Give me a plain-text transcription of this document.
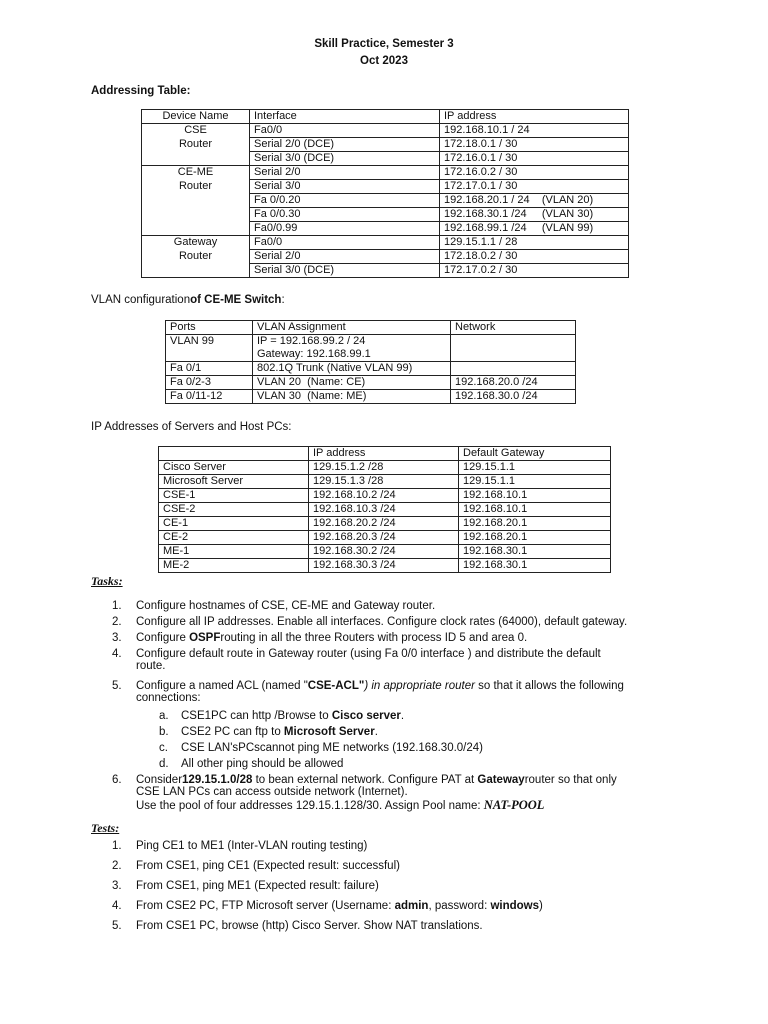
Skill Practice, Semester 3
Oct 2023
Addressing Table:
Device Name	Interface	IP address
CSE	Fa0/0	192.168.10.1 / 24
Router	Serial 2/0 (DCE)	172.18.0.1 / 30
	Serial 3/0 (DCE)	172.16.0.1 / 30
CE-ME	Serial 2/0	172.16.0.2 / 30
Router	Serial 3/0	172.17.0.1 / 30
	Fa 0/0.20	192.168.20.1 / 24    (VLAN 20)
	Fa 0/0.30	192.168.30.1 /24     (VLAN 30)
	Fa0/0.99	192.168.99.1 /24     (VLAN 99)
Gateway	Fa0/0	129.15.1.1 / 28
Router	Serial 2/0	172.18.0.2 / 30
	Serial 3/0 (DCE)	172.17.0.2 / 30
VLAN configurationof CE-ME Switch:
Ports	VLAN Assignment	Network
VLAN 99	IP = 192.168.99.2 / 24
Gateway: 192.168.99.1	

Fa 0/1	802.1Q Trunk (Native VLAN 99)	
Fa 0/2-3	VLAN 20  (Name: CE)	192.168.20.0 /24
Fa 0/11-12	VLAN 30  (Name: ME)	192.168.30.0 /24
IP Addresses of Servers and Host PCs:
	IP address	Default Gateway
Cisco Server	129.15.1.2 /28	129.15.1.1
Microsoft Server	129.15.1.3 /28	129.15.1.1
CSE-1	192.168.10.2 /24	192.168.10.1
CSE-2	192.168.10.3 /24	192.168.10.1
CE-1	192.168.20.2 /24	192.168.20.1
CE-2	192.168.20.3 /24	192.168.20.1
ME-1	192.168.30.2 /24	192.168.30.1
ME-2	192.168.30.3 /24	192.168.30.1
Tasks:
1. Configure hostnames of CSE, CE-ME and Gateway router.
2. Configure all IP addresses. Enable all interfaces. Configure clock rates (64000), default gateway.
3. Configure OSPFrouting in all the three Routers with process ID 5 and area 0.
4. Configure default route in Gateway router (using Fa 0/0 interface ) and distribute the default
route.
5. Configure a named ACL (named "CSE-ACL") in appropriate router so that it allows the following
connections:
a. CSE1PC can http /Browse to Cisco server.
b. CSE2 PC can ftp to Microsoft Server.
c. CSE LAN'sPCscannot ping ME networks (192.168.30.0/24)
d. All other ping should be allowed
6. Consider129.15.1.0/28 to bean external network. Configure PAT at Gatewayrouter so that only
CSE LAN PCs can access outside network (Internet).
Use the pool of four addresses 129.15.1.128/30. Assign Pool name: NAT-POOL
Tests:
1. Ping CE1 to ME1 (Inter-VLAN routing testing)
2. From CSE1, ping CE1 (Expected result: successful)
3. From CSE1, ping ME1 (Expected result: failure)
4. From CSE2 PC, FTP Microsoft server (Username: admin, password: windows)
5. From CSE1 PC, browse (http) Cisco Server. Show NAT translations.
